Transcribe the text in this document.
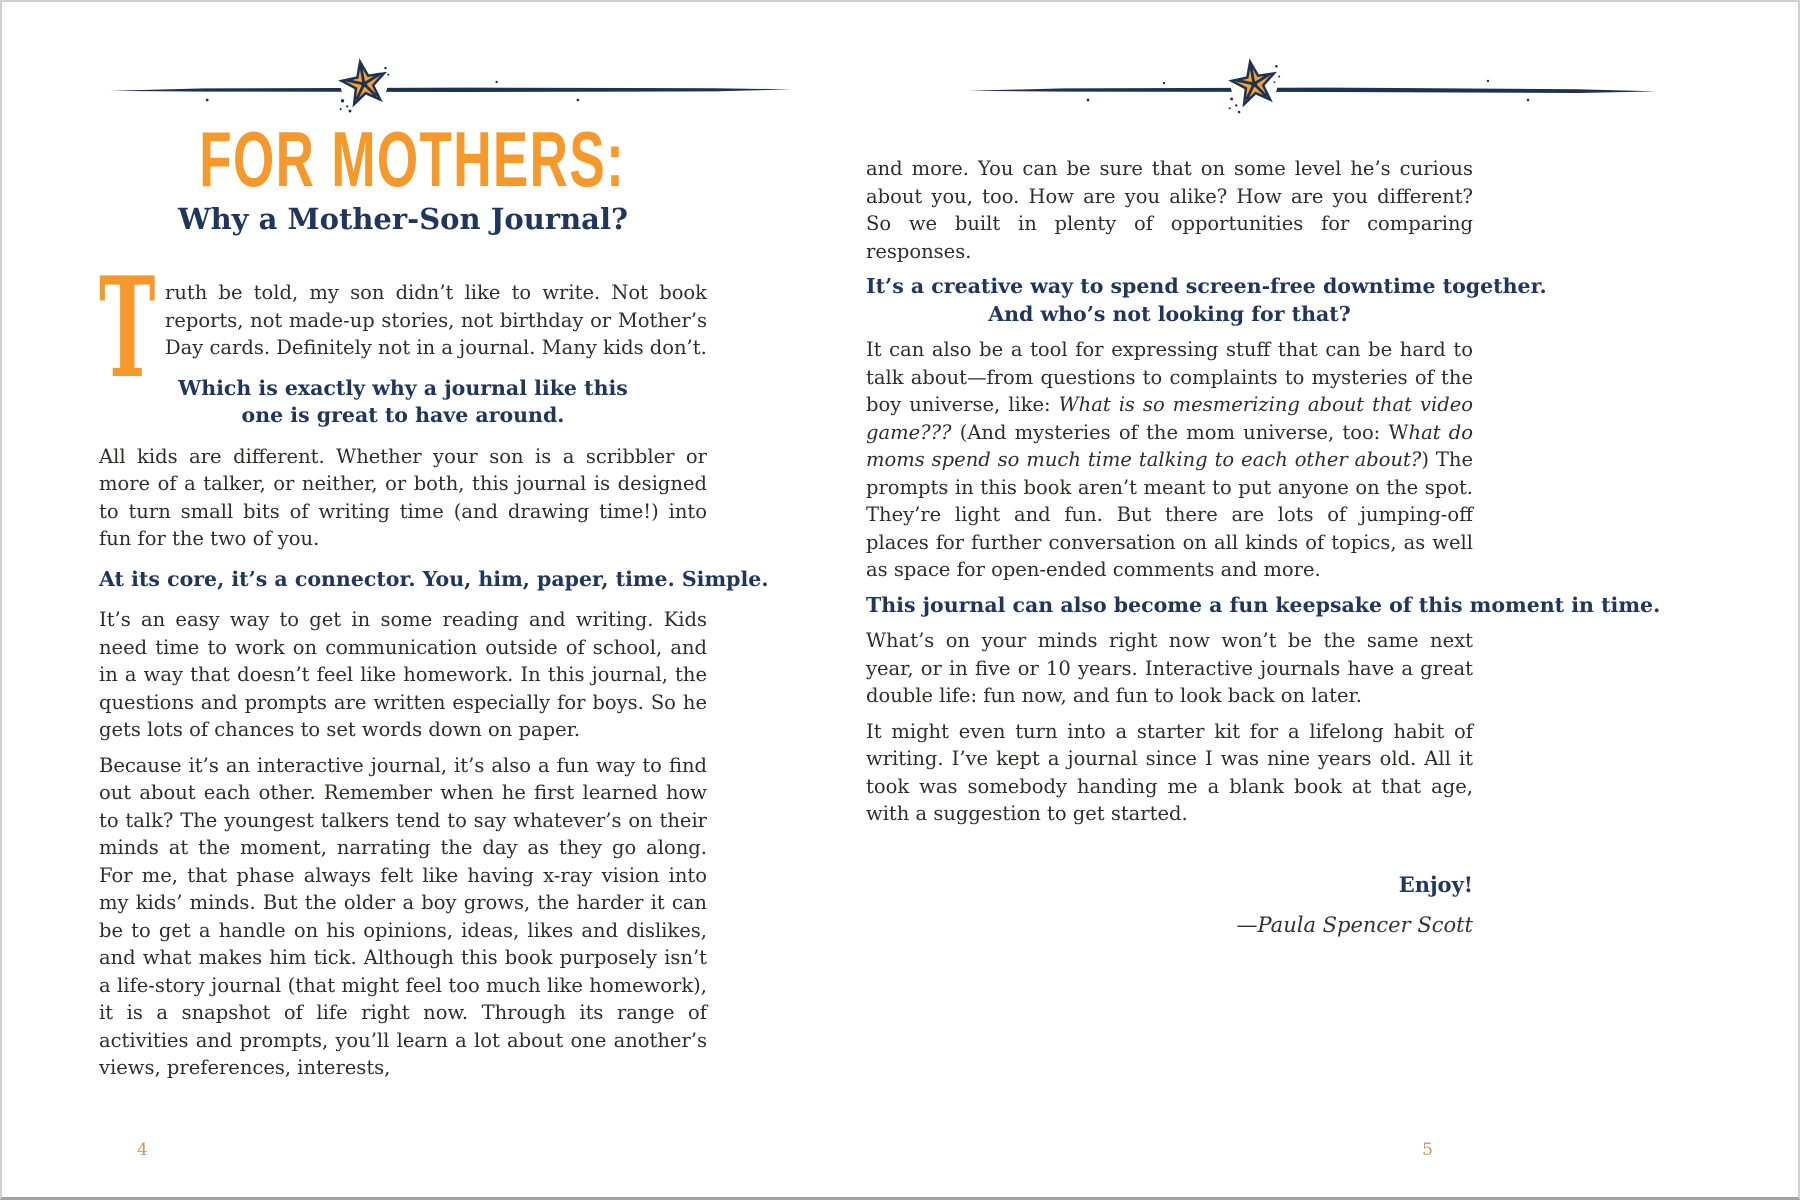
FOR MOTHERS:
Why a Mother-Son Journal?

T ruth be told, my son didn’t like to write. Not book reports, not made-up stories, not birthday or Mother’s Day cards. Definitely not in a journal. Many kids don’t.

Which is exactly why a journal like this
one is great to have around.

All kids are different. Whether your son is a scribbler or more of a talker, or neither, or both, this journal is designed to turn small bits of writing time (and drawing time!) into fun for the two of you.

At its core, it’s a connector. You, him, paper, time. Simple.

It’s an easy way to get in some reading and writing. Kids need time to work on communication outside of school, and in a way that doesn’t feel like homework. In this journal, the questions and prompts are written especially for boys. So he gets lots of chances to set words down on paper.

Because it’s an interactive journal, it’s also a fun way to find out about each other. Remember when he first learned how to talk? The youngest talkers tend to say whatever’s on their minds at the moment, narrating the day as they go along. For me, that phase always felt like having x-ray vision into my kids’ minds. But the older a boy grows, the harder it can be to get a handle on his opinions, ideas, likes and dislikes, and what makes him tick. Although this book purposely isn’t a life-story journal (that might feel too much like homework), it is a snapshot of life right now. Through its range of activities and prompts, you’ll learn a lot about one another’s views, preferences, interests,

4

and more. You can be sure that on some level he’s curious about you, too. How are you alike? How are you different? So we built in plenty of opportunities for comparing responses.

It’s a creative way to spend screen-free downtime together.
And who’s not looking for that?

It can also be a tool for expressing stuff that can be hard to talk about—from questions to complaints to mysteries of the boy universe, like: What is so mesmerizing about that video game??? (And mysteries of the mom universe, too: What do moms spend so much time talking to each other about?) The prompts in this book aren’t meant to put anyone on the spot. They’re light and fun. But there are lots of jumping-off places for further conversation on all kinds of topics, as well as space for open-ended comments and more.

This journal can also become a fun keepsake of this moment in time.

What’s on your minds right now won’t be the same next year, or in five or 10 years. Interactive journals have a great double life: fun now, and fun to look back on later.

It might even turn into a starter kit for a lifelong habit of writing. I’ve kept a journal since I was nine years old. All it took was somebody handing me a blank book at that age, with a suggestion to get started.

Enjoy!
—Paula Spencer Scott
5
